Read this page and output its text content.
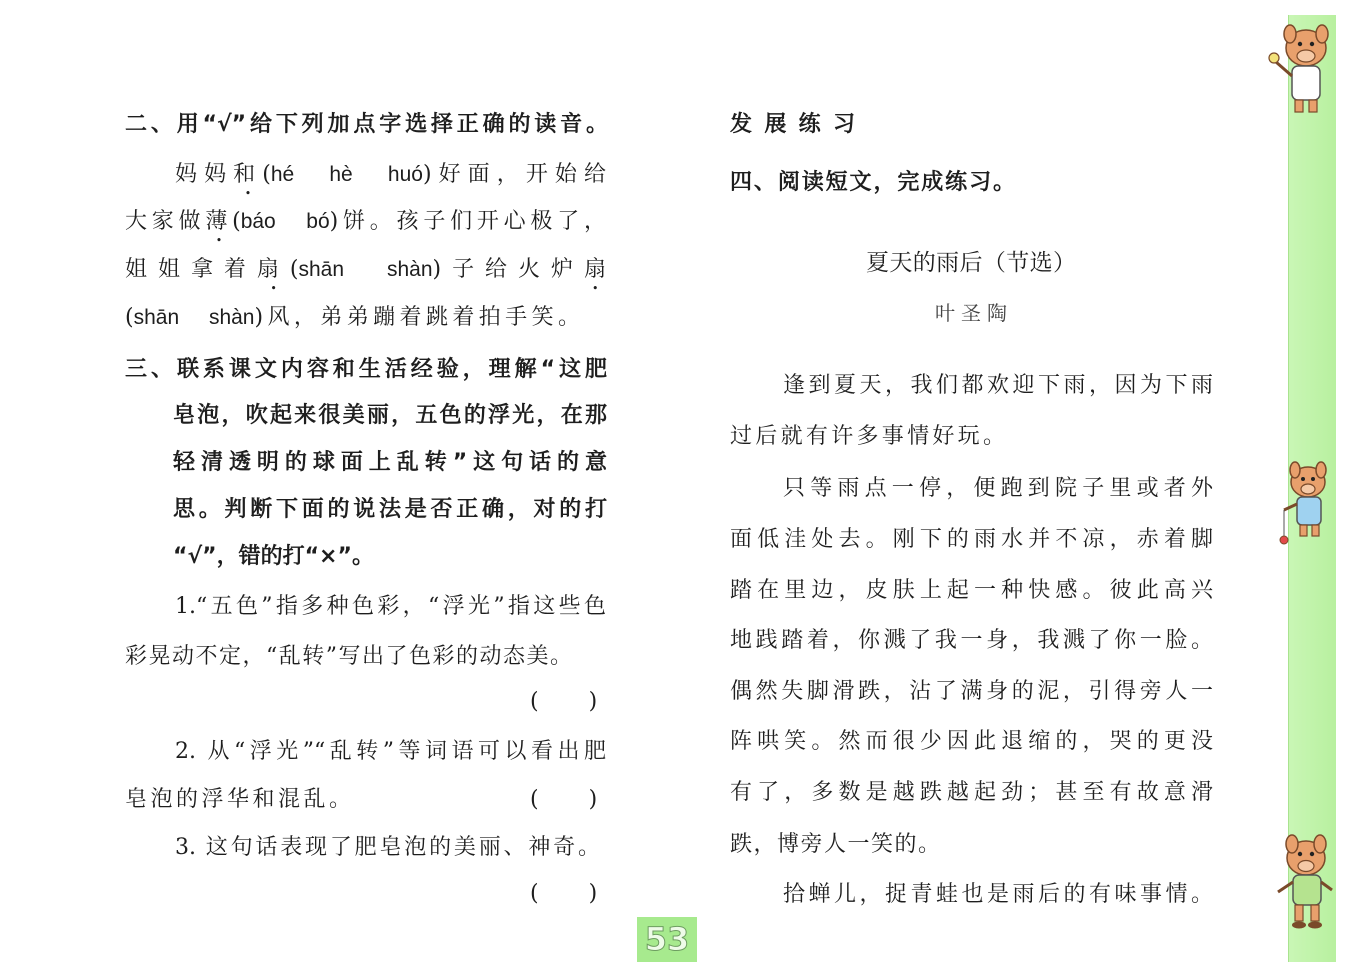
二、用“√”给下列加点字选择正确的读音。
妈妈和(hé　hè　huó)好面，开始给
大家做薄(báo　bó)饼。孩子们开心极了，
姐姐拿着扇(shān　shàn)子给火炉扇
(shān　shàn)风，弟弟蹦着跳着拍手笑。
三、联系课文内容和生活经验，理解“这肥
皂泡，吹起来很美丽，五色的浮光，在那
轻清透明的球面上乱转”这句话的意
思。判断下面的说法是否正确，对的打
“√”，错的打“×”。
1.“五色”指多种色彩，“浮光”指这些色
彩晃动不定，“乱转”写出了色彩的动态美。
(　　)
2. 从“浮光”“乱转”等词语可以看出肥
皂泡的浮华和混乱。	(　　)
3. 这句话表现了肥皂泡的美丽、神奇。
(　　)
发展练习
四、阅读短文，完成练习。
夏天的雨后（节选）
叶圣陶
逢到夏天，我们都欢迎下雨，因为下雨
过后就有许多事情好玩。
只等雨点一停，便跑到院子里或者外
面低洼处去。刚下的雨水并不凉，赤着脚
踏在里边，皮肤上起一种快感。彼此高兴
地践踏着，你溅了我一身，我溅了你一脸。
偶然失脚滑跌，沾了满身的泥，引得旁人一
阵哄笑。然而很少因此退缩的，哭的更没
有了，多数是越跌越起劲；甚至有故意滑
跌，博旁人一笑的。
拾蝉儿，捉青蛙也是雨后的有味事情。
53
